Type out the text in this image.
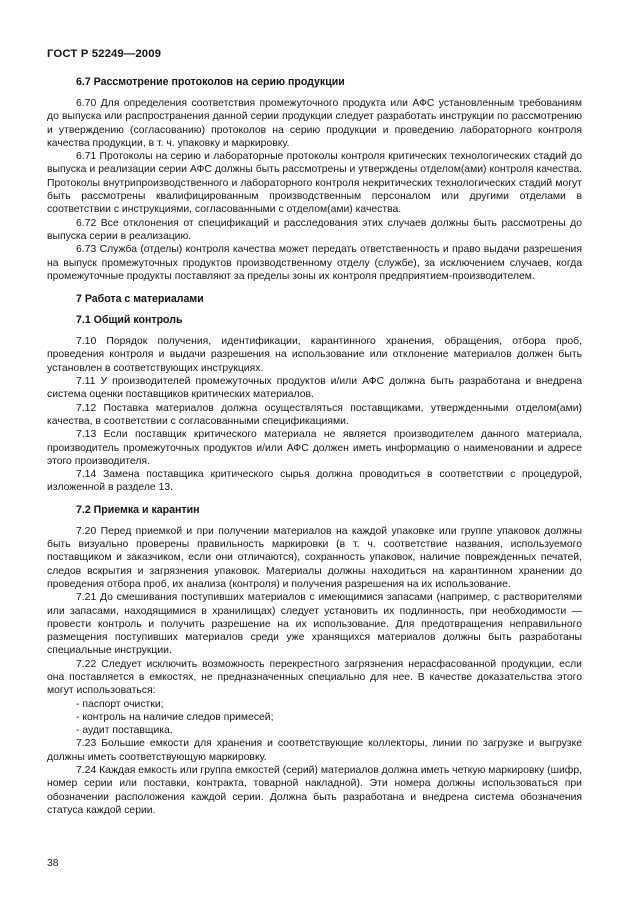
ГОСТ Р 52249—2009
6.7 Рассмотрение протоколов на серию продукции

6.70 Для определения соответствия промежуточного продукта или АФС установленным требованиям до выпуска или распространения данной серии продукции следует разработать инструкции по рассмотрению и утверждению (согласованию) протоколов на серию продукции и проведению лабораторного контроля качества продукции, в т. ч. упаковку и маркировку.

6.71 Протоколы на серию и лабораторные протоколы контроля критических технологических стадий до выпуска и реализации серии АФС должны быть рассмотрены и утверждены отделом(ами) контроля качества. Протоколы внутрипроизводственного и лабораторного контроля некритических технологических стадий могут быть рассмотрены квалифицированным производственным персоналом или другими отделами в соответствии с инструкциями, согласованными с отделом(ами) качества.

6.72 Все отклонения от спецификаций и расследования этих случаев должны быть рассмотрены до выпуска серии в реализацию.

6.73 Служба (отделы) контроля качества может передать ответственность и право выдачи разрешения на выпуск промежуточных продуктов производственному отделу (службе), за исключением случаев, когда промежуточные продукты поставляют за пределы зоны их контроля предприятием-производителем.

7 Работа с материалами
7.1 Общий контроль

7.10 Порядок получения, идентификации, карантинного хранения, обращения, отбора проб, проведения контроля и выдачи разрешения на использование или отклонение материалов должен быть установлен в соответствующих инструкциях.

7.11 У производителей промежуточных продуктов и/или АФС должна быть разработана и внедрена система оценки поставщиков критических материалов.

7.12 Поставка материалов должна осуществляться поставщиками, утвержденными отделом(ами) качества, в соответствии с согласованными спецификациями.

7.13 Если поставщик критического материала не является производителем данного материала, производитель промежуточных продуктов и/или АФС должен иметь информацию о наименовании и адресе этого производителя.

7.14 Замена поставщика критического сырья должна проводиться в соответствии с процедурой, изложенной в разделе 13.

7.2 Приемка и карантин

7.20 Перед приемкой и при получении материалов на каждой упаковке или группе упаковок должны быть визуально проверены правильность маркировки (в т. ч. соответствие названия, используемого поставщиком и заказчиком, если они отличаются), сохранность упаковок, наличие поврежденных печатей, следов вскрытия и загрязнения упаковок. Материалы должны находиться на карантинном хранении до проведения отбора проб, их анализа (контроля) и получения разрешения на их использование.

7.21 До смешивания поступивших материалов с имеющимися запасами (например, с растворителями или запасами, находящимися в хранилищах) следует установить их подлинность, при необходимости — провести контроль и получить разрешение на их использование. Для предотвращения неправильного размещения поступивших материалов среди уже хранящихся материалов должны быть разработаны специальные инструкции.

7.22 Следует исключить возможность перекрестного загрязнения нерасфасованной продукции, если она поставляется в емкостях, не предназначенных специально для нее. В качестве доказательства этого могут использоваться:

- паспорт очистки;

- контроль на наличие следов примесей;

- аудит поставщика.

7.23 Большие емкости для хранения и соответствующие коллекторы, линии по загрузке и выгрузке должны иметь соответствующую маркировку.

7.24 Каждая емкость или группа емкостей (серий) материалов должна иметь четкую маркировку (шифр, номер серии или поставки, контракта, товарной накладной). Эти номера должны использоваться при обозначении расположения каждой серии. Должна быть разработана и внедрена система обозначения статуса каждой серии.

38
